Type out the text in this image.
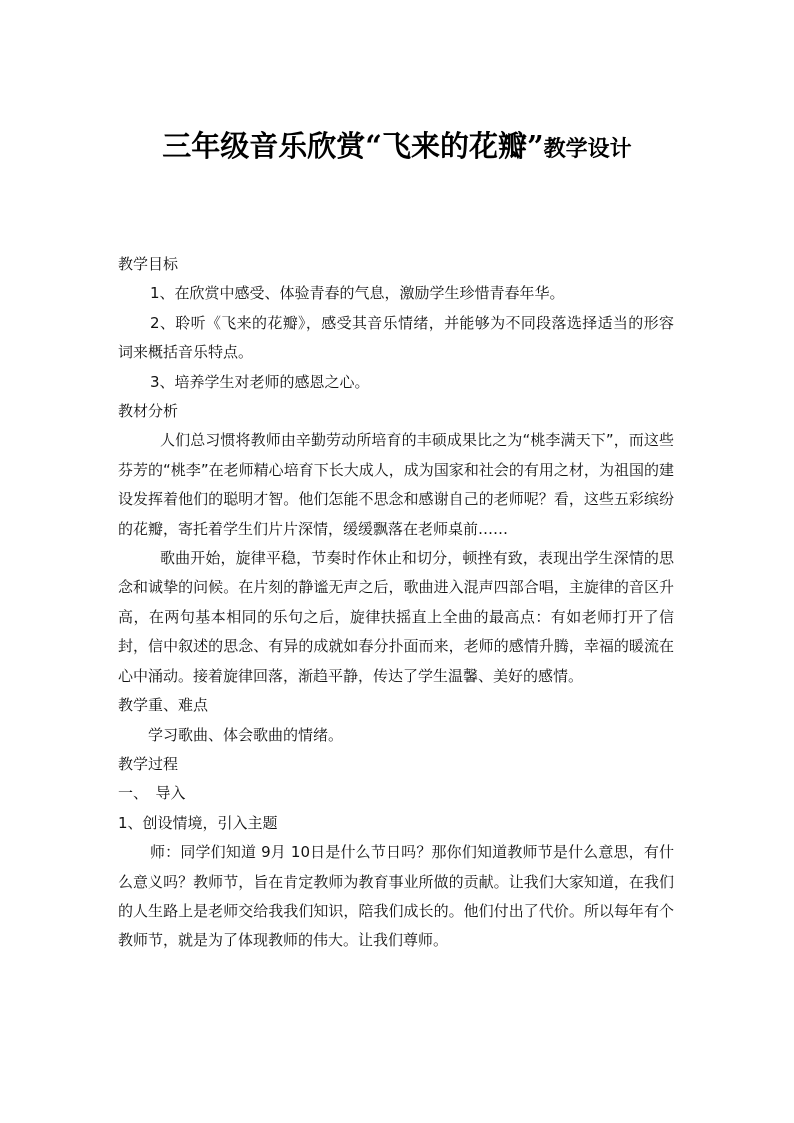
三年级音乐欣赏“飞来的花瓣”教学设计

教学目标

1、在欣赏中感受、体验青春的气息，激励学生珍惜青春年华。

2、聆听《飞来的花瓣》，感受其音乐情绪，并能够为不同段落选择适当的形容词来概括音乐特点。

3、培养学生对老师的感恩之心。

教材分析

人们总习惯将教师由辛勤劳动所培育的丰硕成果比之为“桃李满天下”，而这些芬芳的“桃李”在老师精心培育下长大成人，成为国家和社会的有用之材，为祖国的建设发挥着他们的聪明才智。他们怎能不思念和感谢自己的老师呢？看，这些五彩缤纷的花瓣，寄托着学生们片片深情，缓缓飘落在老师桌前……

歌曲开始，旋律平稳，节奏时作休止和切分，顿挫有致，表现出学生深情的思念和诚挚的问候。在片刻的静谧无声之后，歌曲进入混声四部合唱，主旋律的音区升高，在两句基本相同的乐句之后，旋律扶摇直上全曲的最高点：有如老师打开了信封，信中叙述的思念、有异的成就如春分扑面而来，老师的感情升腾，幸福的暖流在心中涌动。接着旋律回落，渐趋平静，传达了学生温馨、美好的感情。

教学重、难点

学习歌曲、体会歌曲的情绪。

教学过程

一、　导入

1、创设情境，引入主题

师：同学们知道 9月 10日是什么节日吗？那你们知道教师节是什么意思，有什么意义吗？教师节，旨在肯定教师为教育事业所做的贡献。让我们大家知道，在我们的人生路上是老师交给我我们知识，陪我们成长的。他们付出了代价。所以每年有个教师节，就是为了体现教师的伟大。让我们尊师。
